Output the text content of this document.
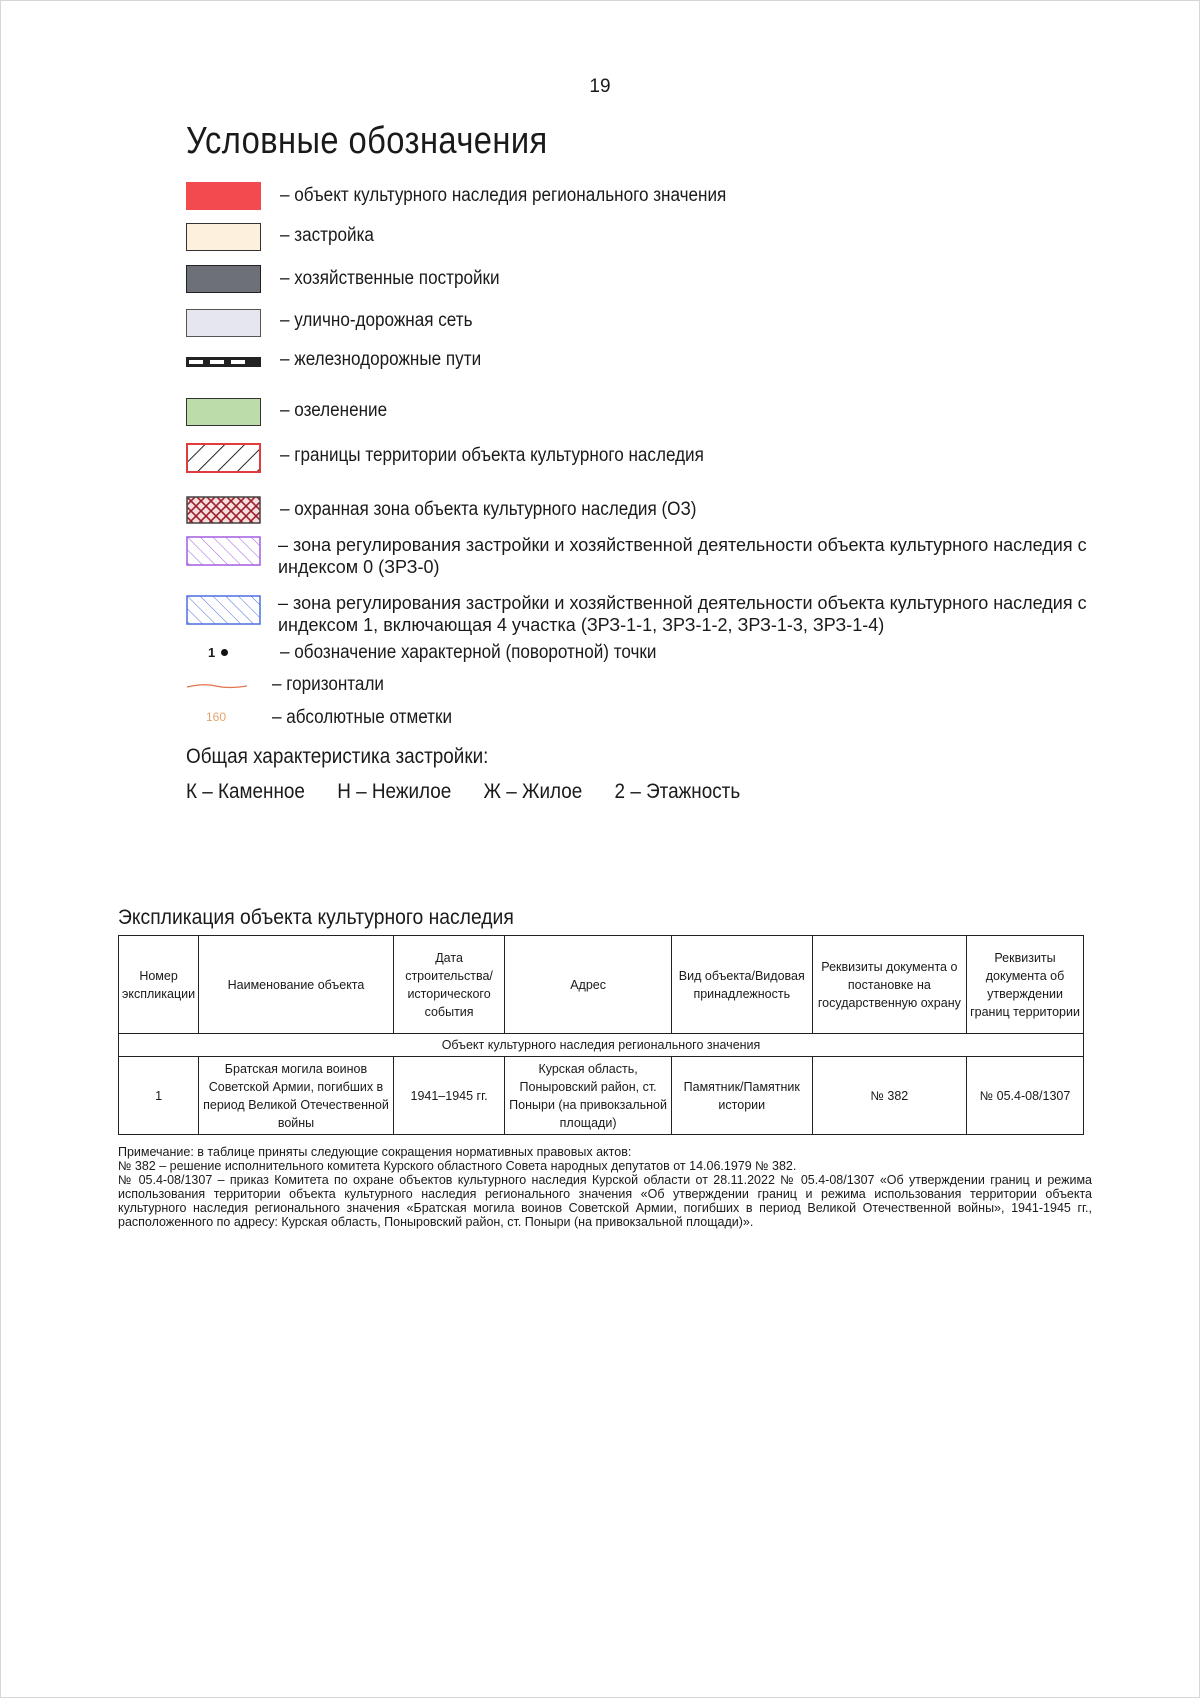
19
Условные обозначения
– объект культурного наследия регионального значения
– застройка
– хозяйственные постройки
– улично-дорожная сеть
– железнодорожные пути
– озеленение
– границы территории объекта культурного наследия
– охранная зона объекта культурного наследия (ОЗ)
– зона регулирования застройки и хозяйственной деятельности объекта культурного наследия с индексом 0 (ЗРЗ-0)
– зона регулирования застройки и хозяйственной деятельности объекта культурного наследия с индексом 1, включающая 4 участка (ЗРЗ-1-1, ЗРЗ-1-2, ЗРЗ-1-3, ЗРЗ-1-4)
1	– обозначение характерной (поворотной) точки
– горизонтали
160 – абсолютные отметки
Общая характеристика застройки:
К – Каменное Н – Нежилое Ж – Жилое 2 – Этажность
Экспликация объекта культурного наследия
Номер экспликации	Наименование объекта	Дата строительства/ исторического события	Адрес	Вид объекта/Видовая принадлежность	Реквизиты документа о постановке на государственную охрану	Реквизиты документа об утверждении границ территории
Объект культурного наследия регионального значения						
1	Братская могила воинов Советской Армии, погибших в период Великой Отечественной войны	1941–1945 гг.	Курская область, Поныровский район, ст. Поныри (на привокзальной площади)	Памятник/Памятник истории	№ 382	№ 05.4-08/1307

Примечание: в таблице приняты следующие сокращения нормативных правовых актов:

№ 382 – решение исполнительного комитета Курского областного Совета народных депутатов от 14.06.1979 № 382.

№ 05.4-08/1307 – приказ Комитета по охране объектов культурного наследия Курской области от 28.11.2022 № 05.4-08/1307 «Об утверждении границ и режима использования территории объекта культурного наследия регионального значения «Об утверждении границ и режима использования территории объекта культурного наследия регионального значения «Братская могила воинов Советской Армии, погибших в период Великой Отечественной войны», 1941-1945 гг., расположенного по адресу: Курская область, Поныровский район, ст. Поныри (на привокзальной площади)».
